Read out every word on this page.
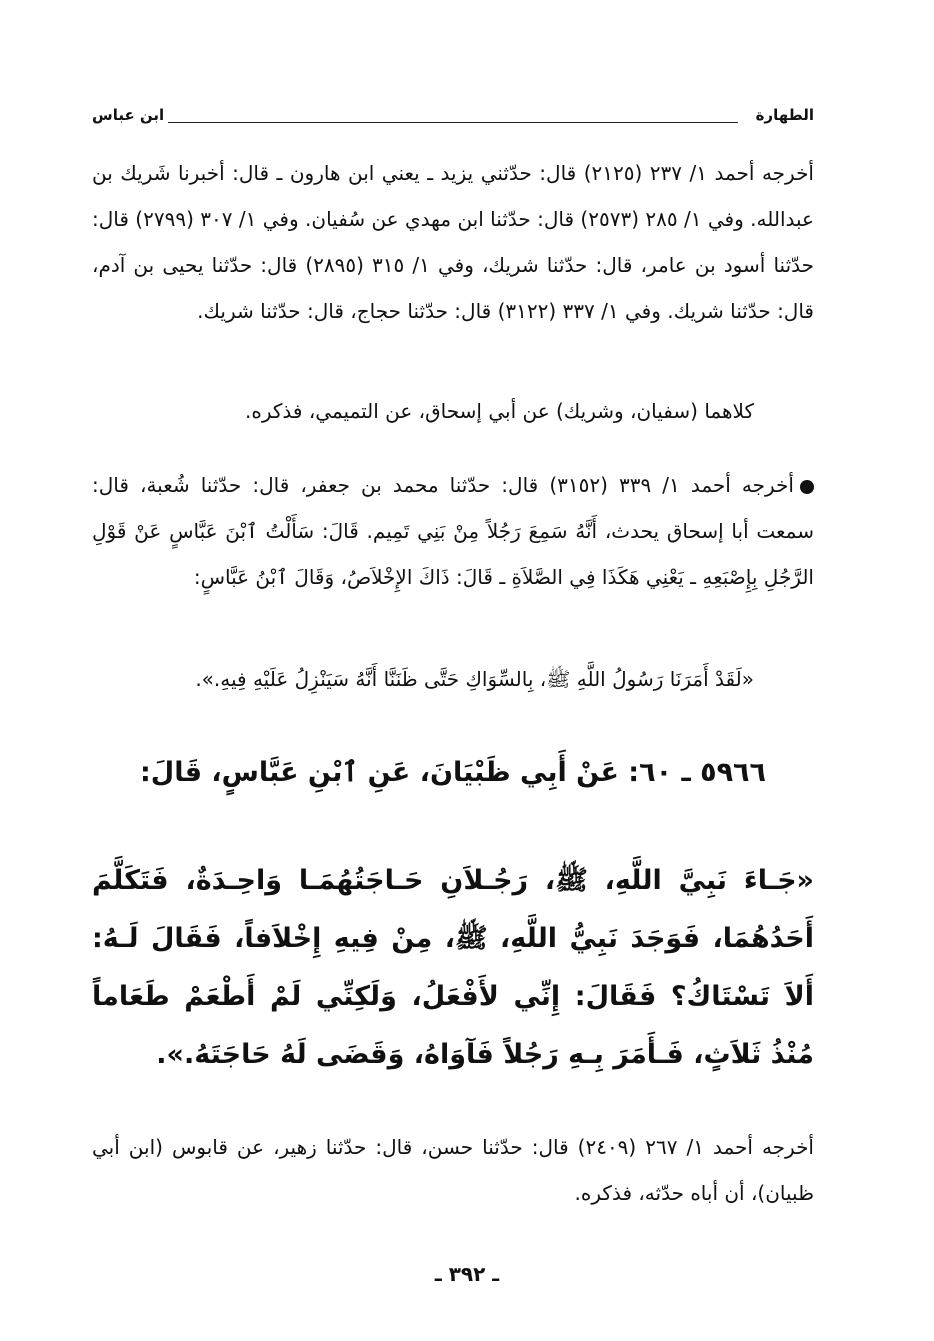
الطهارة
ابن عباس
أخرجه أحمد ١/ ٢٣٧ (٢١٢٥) قال: حدّثني يزيد ـ يعني ابن هارون ـ قال: أخبرنا شَريك بن عبدالله. وفي ١/ ٢٨٥ (٢٥٧٣) قال: حدّثنا ابن مهدي عن سُفيان. وفي ١/ ٣٠٧ (٢٧٩٩) قال: حدّثنا أسود بن عامر، قال: حدّثنا شريك، وفي ١/ ٣١٥ (٢٨٩٥) قال: حدّثنا يحيى بن آدم، قال: حدّثنا شريك. وفي ١/ ٣٣٧ (٣١٢٢) قال: حدّثنا حجاج، قال: حدّثنا شريك.
كلاهما (سفيان، وشريك) عن أبي إسحاق، عن التميمي، فذكره.
أخرجه أحمد ١/ ٣٣٩ (٣١٥٢) قال: حدّثنا محمد بن جعفر، قال: حدّثنا شُعبة، قال: سمعت أبا إسحاق يحدث، أَنَّهُ سَمِعَ رَجُلاً مِنْ بَنِي تَمِيم. قَالَ: سَأَلْتُ ٱبْنَ عَبَّاسٍ عَنْ قَوْلِ الرَّجُلِ بِإِصْبَعِهِ ـ يَعْنِي هَكَذَا فِي الصَّلاَةِ ـ قَالَ: ذَاكَ الإِخْلاَصُ، وَقَالَ ٱبْنُ عَبَّاسٍ:
«لَقَدْ أَمَرَنَا رَسُولُ اللَّهِ ﷺ، بِالسِّوَاكِ حَتَّى ظَنَنَّا أَنَّهُ سَيَنْزِلُ عَلَيْهِ فِيهِ.».
٥٩٦٦ ـ ٦٠: عَنْ أَبِي ظَبْيَانَ، عَنِ ٱبْنِ عَبَّاسٍ، قَالَ:
«جَـاءَ نَبِيَّ اللَّهِ، ﷺ، رَجُـلاَنِ حَـاجَتُهُمَـا وَاحِـدَةٌ، فَتَكَلَّمَ أَحَدُهُمَا، فَوَجَدَ نَبِيُّ اللَّهِ، ﷺ، مِنْ فِيهِ إِخْلاَفاً، فَقَالَ لَـهُ: أَلاَ تَسْتَاكُ؟ فَقَالَ: إِنِّي لأَفْعَلُ، وَلَكِنِّي لَمْ أَطْعَمْ طَعَاماً مُنْذُ ثَلاَثٍ، فَـأَمَرَ بِـهِ رَجُلاً فَآوَاهُ، وَقَضَى لَهُ حَاجَتَهُ.».
أخرجه أحمد ١/ ٢٦٧ (٢٤٠٩) قال: حدّثنا حسن، قال: حدّثنا زهير، عن قابوس (ابن أبي ظبيان)، أن أباه حدّثه، فذكره.
ـ ٣٩٢ ـ
